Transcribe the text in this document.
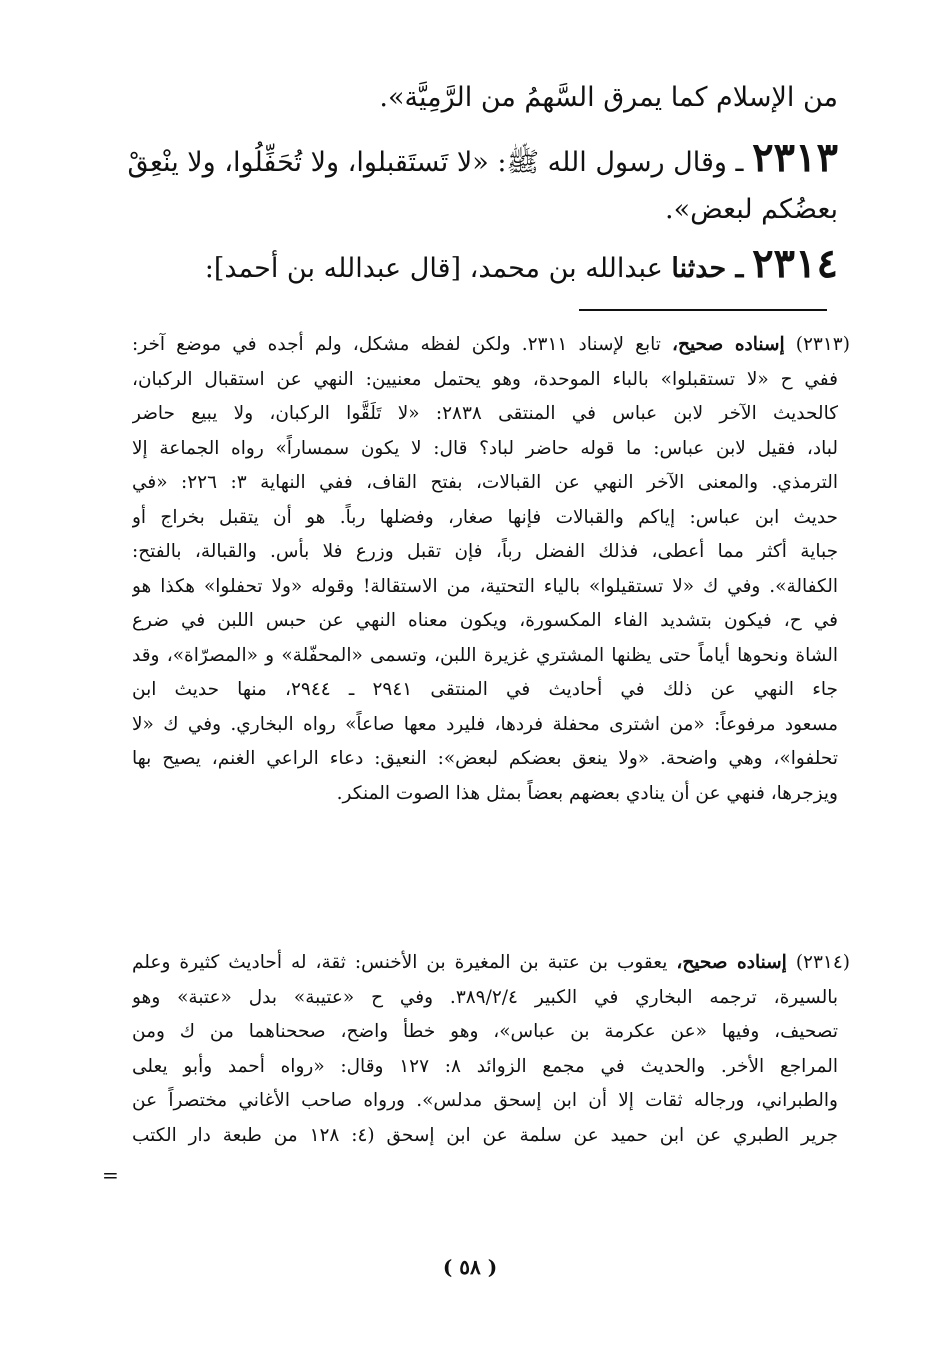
من الإسلام كما يمرق السَّهمُ من الرَّمِيَّة».
٢٣١٣ ـ وقال رسول الله ﷺ: «لا تَستَقبلوا، ولا تُحَفِّلُوا، ولا ينْعِقْ
بعضُكم لبعض».
٢٣١٤ ـ حدثنا عبدالله بن محمد، [قال عبدالله بن أحمد]:
(٢٣١٣) إسناده صحيح، تابع لإسناد ٢٣١١. ولكن لفظه مشكل، ولم أجده في موضع آخر:
ففي ح «لا تستقبلوا» بالباء الموحدة، وهو يحتمل معنيين: النهي عن استقبال الركبان،
كالحديث الآخر لابن عباس في المنتقى ٢٨٣٨: «لا تَلَقَّوا الركبان، ولا يبيع حاضر
لباد، فقيل لابن عباس: ما قوله حاضر لباد؟ قال: لا يكون سمساراً» رواه الجماعة إلا
الترمذي. والمعنى الآخر النهي عن القبالات، بفتح القاف، ففي النهاية ٣: ٢٢٦: «في
حديث ابن عباس: إياكم والقبالات فإنها صغار، وفضلها رباً. هو أن يتقبل بخراج أو
جباية أكثر مما أعطى، فذلك الفضل رباً، فإن تقبل وزرع فلا بأس. والقبالة، بالفتح:
الكفالة». وفي ك «لا تستقيلوا» بالياء التحتية، من الاستقالة! وقوله «ولا تحفلوا» هكذا هو
في ح، فيكون بتشديد الفاء المكسورة، ويكون معناه النهي عن حبس اللبن في ضرع
الشاة ونحوها أياماً حتى يظنها المشتري غزيرة اللبن، وتسمى «المحفّلة» و «المصرّاة»، وقد
جاء النهي عن ذلك في أحاديث في المنتقى ٢٩٤١ ـ ٢٩٤٤، منها حديث ابن
مسعود مرفوعاً: «من اشترى محفلة فردها، فليرد معها صاعاً» رواه البخاري. وفي ك «لا
تحلفوا»، وهي واضحة. «ولا ينعق بعضكم لبعض»: النعيق: دعاء الراعي الغنم، يصيح بها
ويزجرها، فنهي عن أن ينادي بعضهم بعضاً بمثل هذا الصوت المنكر.
(٢٣١٤) إسناده صحيح، يعقوب بن عتبة بن المغيرة بن الأخنس: ثقة، له أحاديث كثيرة وعلم
بالسيرة، ترجمه البخاري في الكبير ٣٨٩/٢/٤. وفي ح «عتيبة» بدل «عتبة» وهو
تصحيف، وفيها «عن عكرمة بن عباس»، وهو خطأ واضح، صححناهما من ك ومن
المراجع الأخر. والحديث في مجمع الزوائد ٨: ١٢٧ وقال: «رواه أحمد وأبو يعلى
والطبراني، ورجاله ثقات إلا أن ابن إسحق مدلس». ورواه صاحب الأغاني مختصراً عن
جرير الطبري عن ابن حميد عن سلمة عن ابن إسحق (٤: ١٢٨ من طبعة دار الكتب
=
( ٥٨ )
